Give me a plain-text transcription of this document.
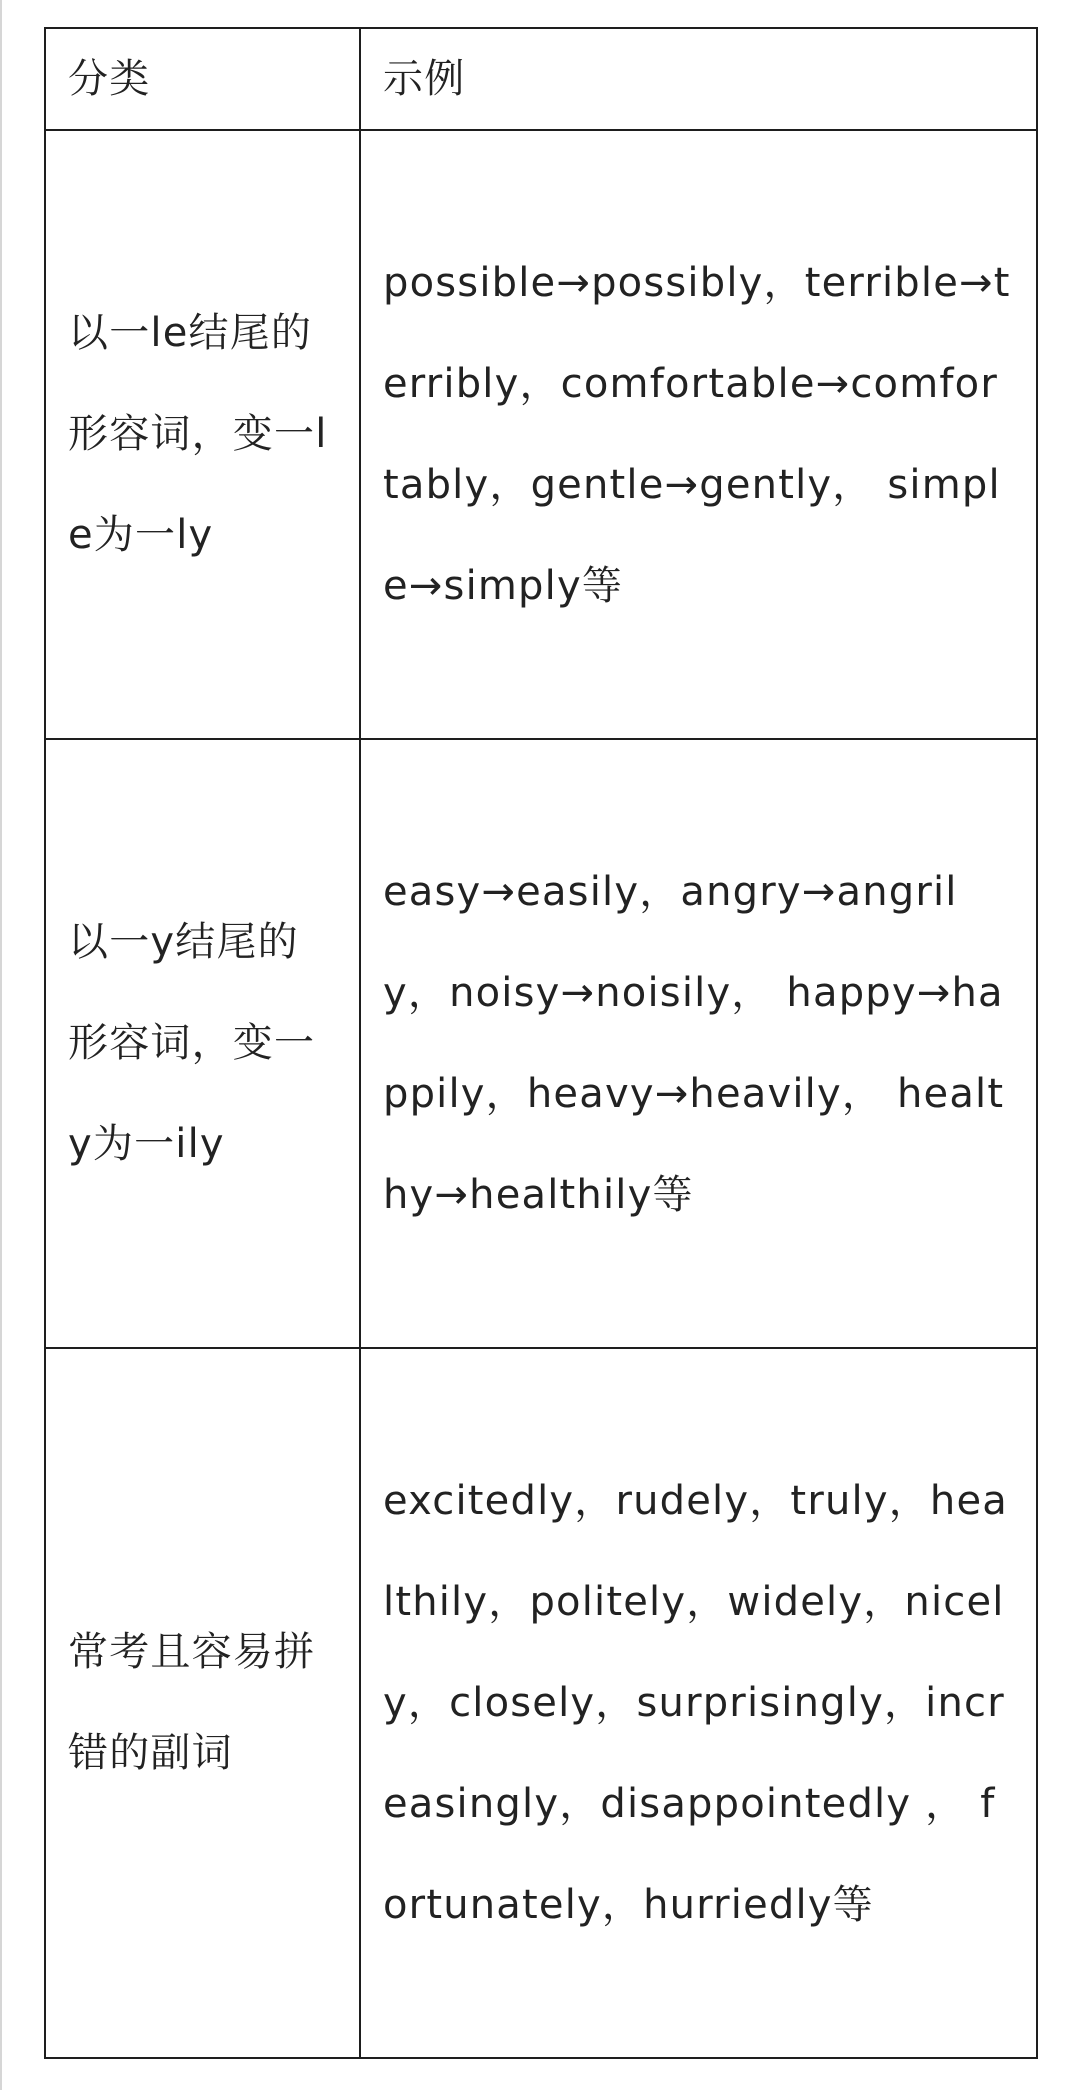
分类	示例
以一le结尾的形容词，变一le为一ly	possible→possibly，terrible→terribly，comfortable→comfortably，gentle→gently， simple→simply等
以一y结尾的形容词，变一y为一ily	easy→easily，angry→angrily，noisy→noisily， happy→happily，heavy→heavily， healthy→healthily等
常考且容易拼错的副词	excitedly，rudely，truly，healthily，politely，widely，nicely，closely，surprisingly，increasingly，disappointedly ， fortunately，hurriedly等
